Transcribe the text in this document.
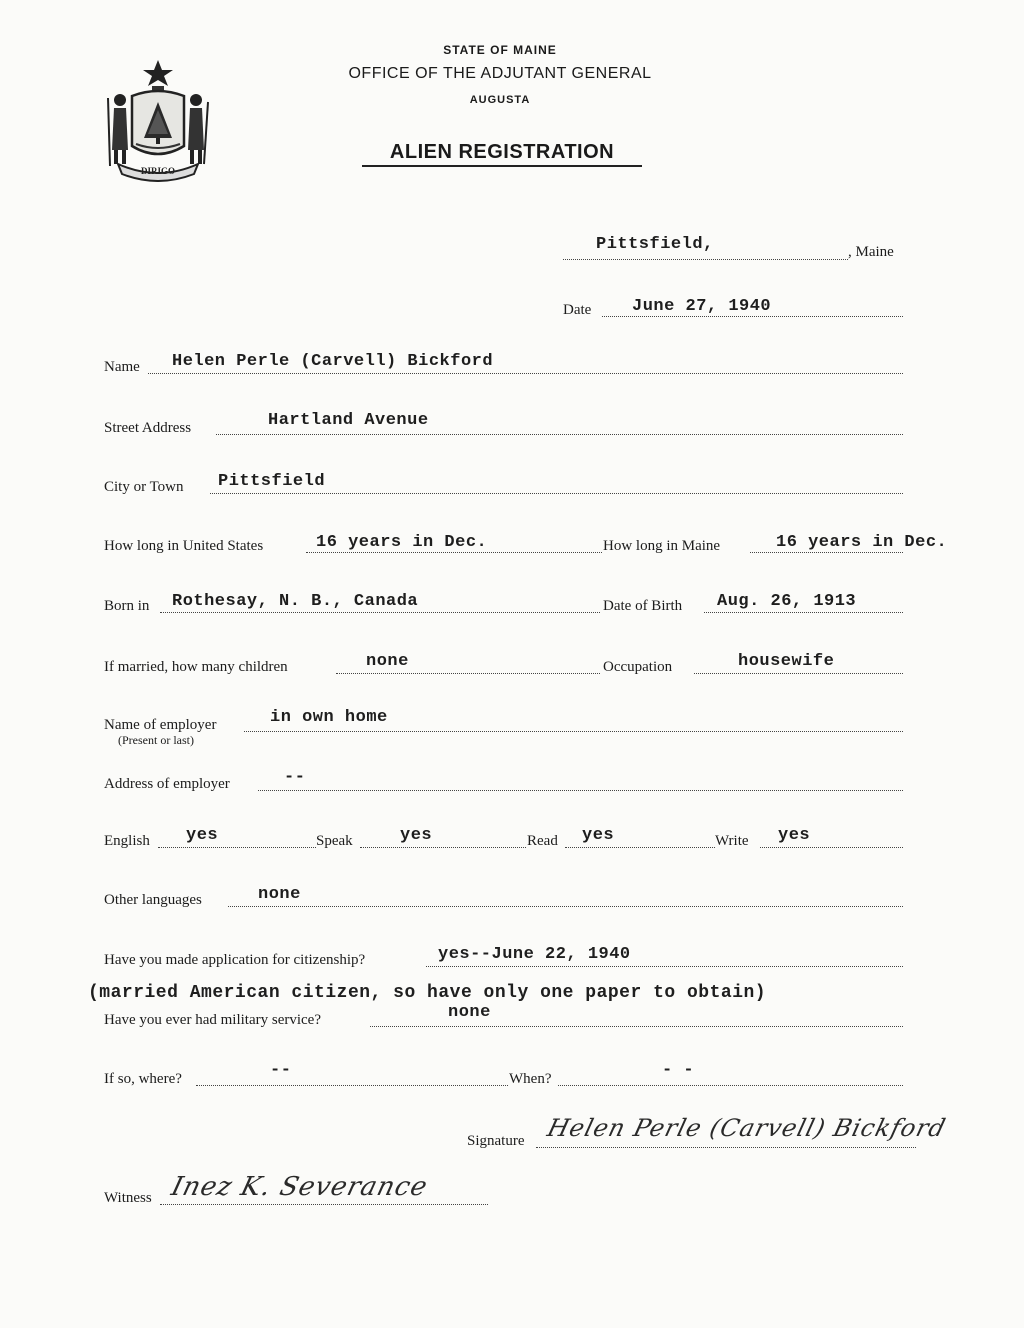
DIRIGO
STATE OF MAINE
OFFICE OF THE ADJUTANT GENERAL
AUGUSTA
ALIEN REGISTRATION
Pittsfield,	, Maine
Date June 27, 1940
Name Helen Perle (Carvell) Bickford
Street Address	Hartland Avenue
City or Town Pittsfield
How long in United States	16 years in Dec.	How long in Maine	16 years in Dec.
Born in Rothesay, N. B., Canada	Date of Birth Aug. 26, 1913
If married, how many children	none	Occupation	housewife
Name of employer
(Present or last)
in own home
Address of employer	--
English yes	Speak	yes	Read yes	Write yes
Other languages	none
Have you made application for citizenship?	yes--June 22, 1940
(married American citizen, so have only one paper to obtain)
Have you ever had military service?	none
If so, where?	--	When?	- -
Signature Helen Perle (Carvell) Bickford
Witness Inez K. Severance
